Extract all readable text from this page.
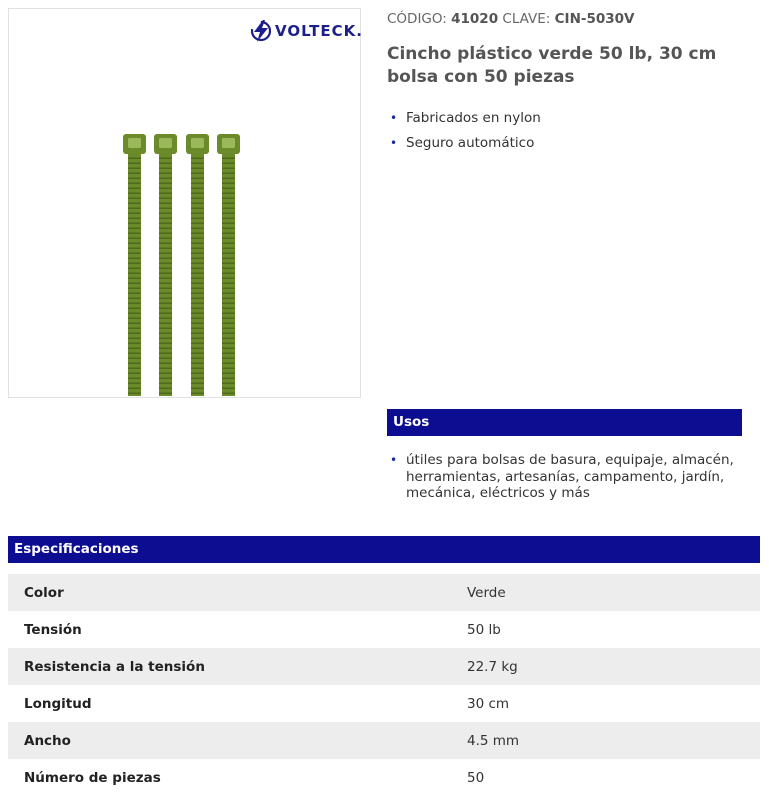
VOLTECK.
CÓDIGO: 41020 CLAVE: CIN-5030V
Cincho plástico verde 50 lb, 30 cm bolsa con 50 piezas
• Fabricados en nylon
• Seguro automático
Usos
• útiles para bolsas de basura, equipaje, almacén, herramientas, artesanías, campamento, jardín, mecánica, eléctricos y más
Especificaciones
Color	Verde
Tensión	50 lb
Resistencia a la tensión	22.7 kg
Longitud	30 cm
Ancho	4.5 mm
Número de piezas	50
